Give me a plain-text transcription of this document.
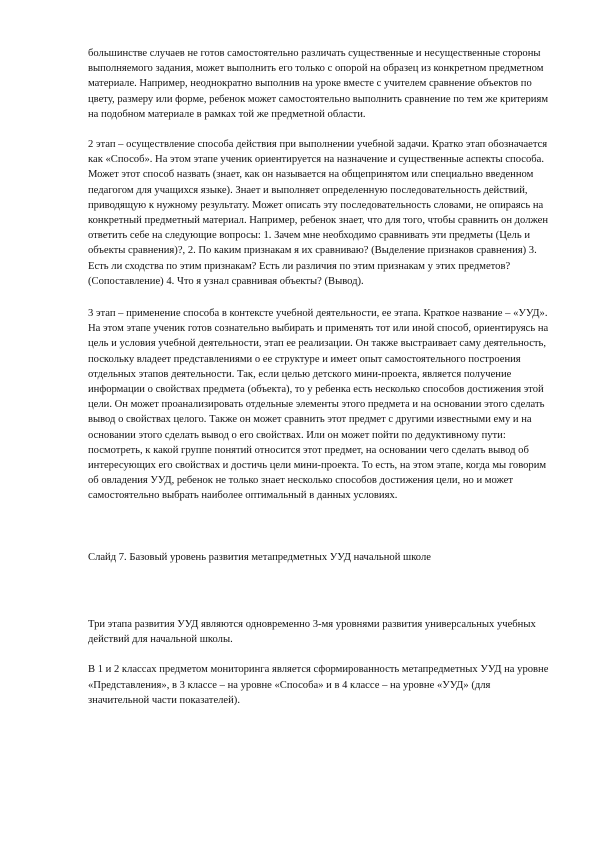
большинстве случаев не готов самостоятельно различать существенные и несущественные стороны выполняемого задания, может выполнить его только с опорой на образец из конкретном предметном материале. Например, неоднократно выполнив на уроке вместе с учителем сравнение объектов по цвету, размеру или форме, ребенок может самостоятельно выполнить сравнение по тем же критериям на подобном материале в рамках той же предметной области.

2 этап – осуществление способа действия при выполнении учебной задачи. Кратко этап обозначается как «Способ». На этом этапе ученик ориентируется на назначение и существенные аспекты способа. Может этот способ назвать (знает, как он называется на общепринятом или специально введенном педагогом для учащихся языке). Знает и выполняет определенную последовательность действий, приводящую к нужному результату. Может описать эту последовательность словами, не опираясь на конкретный предметный материал. Например, ребенок знает, что для того, чтобы сравнить он должен ответить себе на следующие вопросы: 1. Зачем мне необходимо сравнивать эти предметы (Цель и объекты сравнения)?, 2. По каким признакам я их сравниваю? (Выделение признаков сравнения) 3. Есть ли сходства по этим признакам? Есть ли различия по этим признакам у этих предметов? (Сопоставление) 4. Что я узнал сравнивая объекты? (Вывод).

3 этап – применение способа в контексте учебной деятельности, ее этапа. Краткое название – «УУД». На этом этапе ученик готов сознательно выбирать и применять тот или иной способ, ориентируясь на цель и условия учебной деятельности, этап ее реализации. Он также выстраивает саму деятельность, поскольку владеет представлениями о ее структуре и имеет опыт самостоятельного построения отдельных этапов деятельности. Так, если целью детского мини-проекта, является получение информации о свойствах предмета (объекта), то у ребенка есть несколько способов достижения этой цели. Он может проанализировать отдельные элементы этого предмета и на основании этого сделать вывод о свойствах целого. Также он может сравнить этот предмет с другими известными ему и на основании этого сделать вывод о его свойствах. Или он может пойти по дедуктивному пути: посмотреть, к какой группе понятий относится этот предмет, на основании чего сделать вывод об интересующих его свойствах и достичь цели мини-проекта. То есть, на этом этапе, когда мы говорим об овладения УУД, ребенок не только знает несколько способов достижения цели, но и может самостоятельно выбрать наиболее оптимальный в данных условиях.

Слайд 7. Базовый уровень развития метапредметных УУД начальной школе

Три этапа развития УУД являются одновременно 3-мя уровнями развития универсальных учебных действий для начальной школы.

В 1 и 2 классах предметом мониторинга является сформированность метапредметных УУД на уровне «Представления», в 3 классе – на уровне «Способа» и в 4 классе – на уровне «УУД» (для значительной части показателей).
